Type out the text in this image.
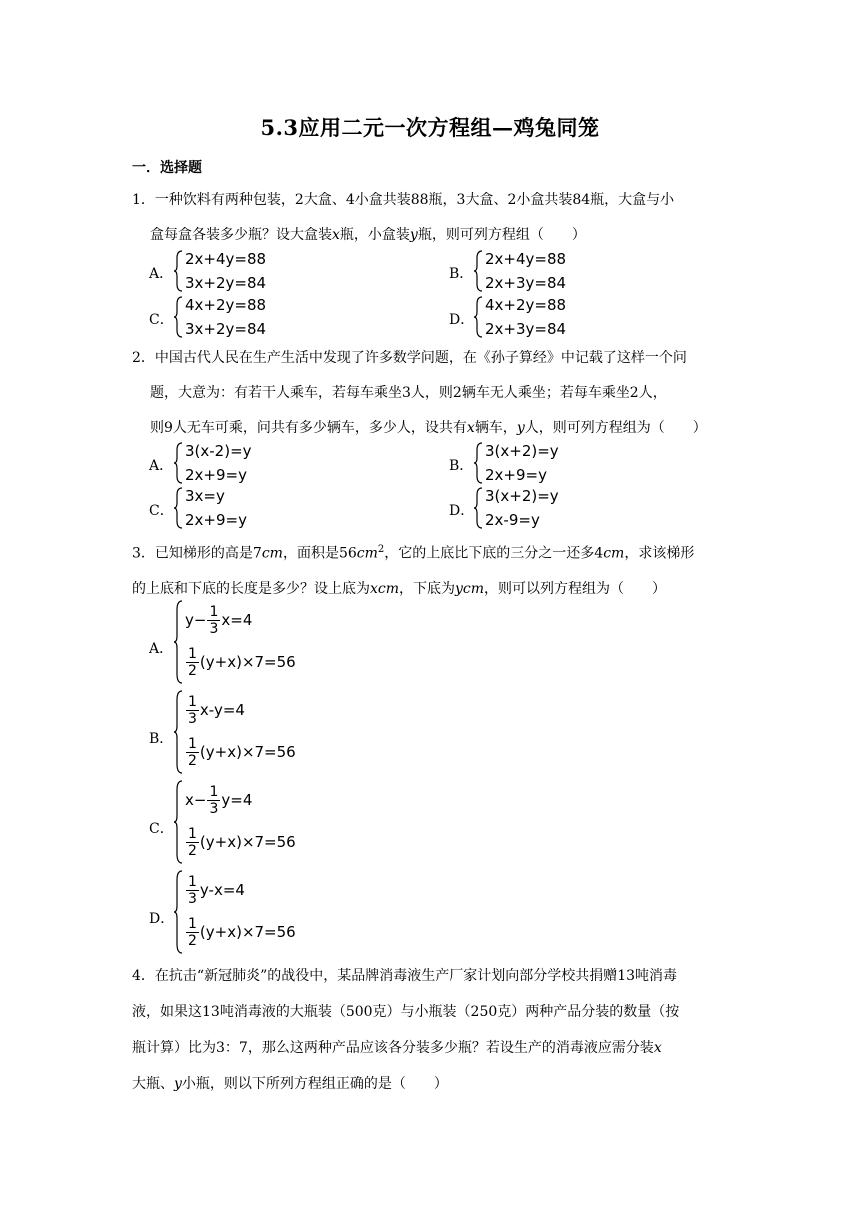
5.3应用二元一次方程组—鸡兔同笼
一．选择题
1．一种饮料有两种包装，2大盒、4小盒共装88瓶，3大盒、2小盒共装84瓶，大盒与小
盒每盒各装多少瓶？设大盒装x瓶，小盒装y瓶，则可列方程组（　　）
A．
2x+4y=88
3x+2y=84	B．
2x+4y=88
2x+3y=84
C．
4x+2y=88
3x+2y=84	D．
4x+2y=88
2x+3y=84
2．中国古代人民在生产生活中发现了许多数学问题，在《孙子算经》中记载了这样一个问
题，大意为：有若干人乘车，若每车乘坐3人，则2辆车无人乘坐；若每车乘坐2人，
则9人无车可乘，问共有多少辆车，多少人，设共有x辆车，y人，则可列方程组为（　　）
A．
3(x-2)=y
2x+9=y	B．
3(x+2)=y
2x+9=y
C．
3x=y
2x+9=y	D．
3(x+2)=y
2x-9=y
3．已知梯形的高是7cm，面积是$56cm^2$，它的上底比下底的三分之一还多4cm，求该梯形
的上底和下底的长度是多少？设上底为xcm，下底为ycm，则可以列方程组为（　　）
A．
$y- \frac{1}{3} x=4$
$\frac{1}{2} (y+x)\times 7=56$
B．
$\frac{1}{3} x-y=4$
$\frac{1}{2} (y+x)\times 7=56$
C．
$x- \frac{1}{3} y=4$
$\frac{1}{2} (y+x)\times 7=56$
D．
$\frac{1}{3} y-x=4$
$\frac{1}{2} (y+x)\times 7=56$
4．在抗击“新冠肺炎”的战役中，某品牌消毒液生产厂家计划向部分学校共捐赠13吨消毒
液，如果这13吨消毒液的大瓶装（500克）与小瓶装（250克）两种产品分装的数量（按
瓶计算）比为3：7，那么这两种产品应该各分装多少瓶？若设生产的消毒液应需分装x
大瓶、y小瓶，则以下所列方程组正确的是（　　）
